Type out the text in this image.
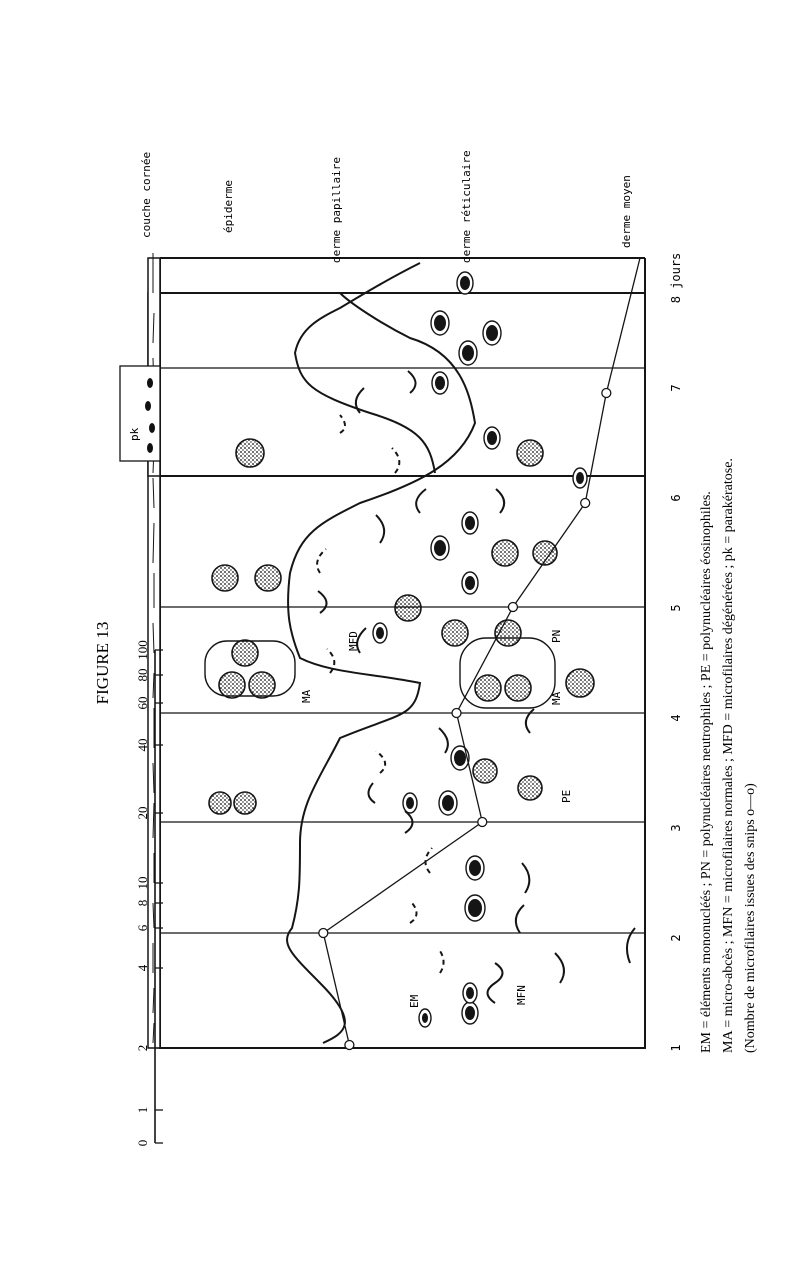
FIGURE 13
pk
EM	MFN
PE
MA	MA
MFD	PN
100
80
60
40
20
10
8
6
4
2
1
0
1
2
3
4
5
6
7
8 jours
couche cornée	épiderme	derme papillaire	derme réticulaire	derme moyen
EM = éléments mononucléés ; PN = polynucléaires neutrophiles ; PE = polynucléaires éosinophiles. MA = micro-abcès ; MFN = microfilaires normales ; MFD = microfilaires dégénérées ; pk = parakératose. (Nombre de microfilaires issues des snips o—o)
